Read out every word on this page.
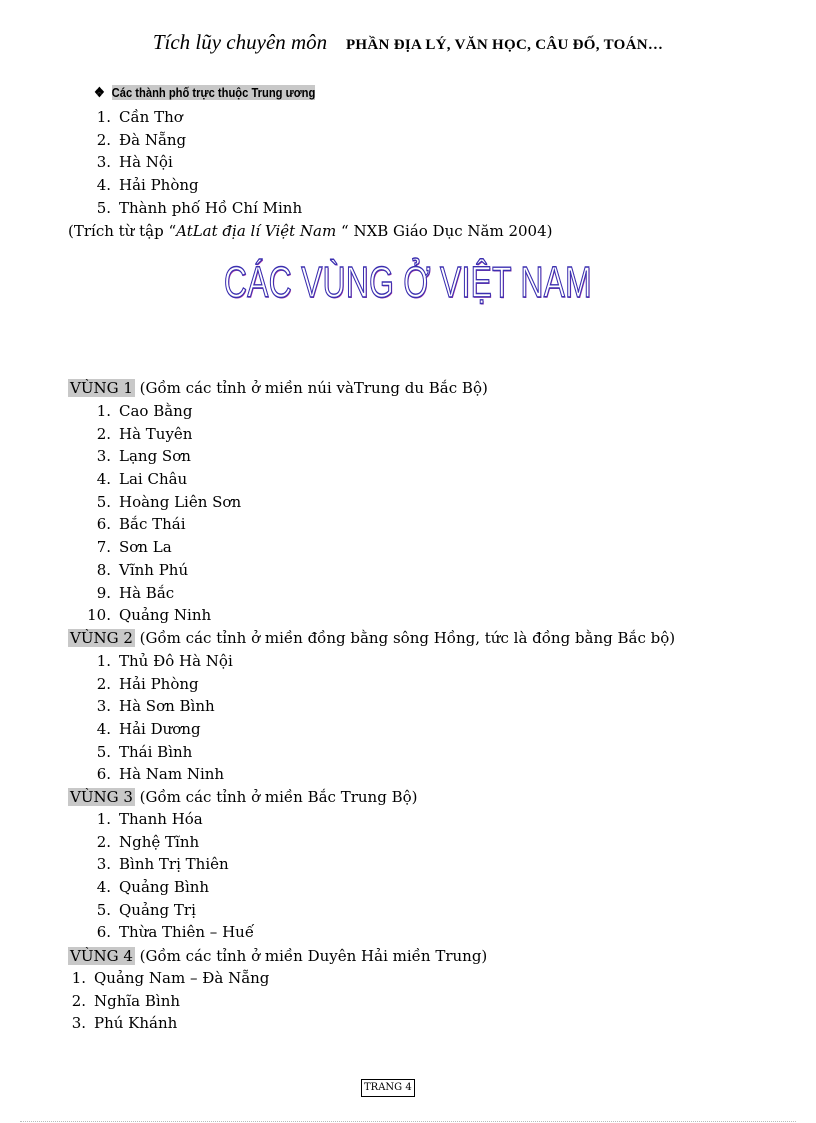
Tích lũy chuyên môn PHẦN ĐỊA LÝ, VĂN HỌC, CÂU ĐỐ, TOÁN…
❖ Các thành phố trực thuộc Trung ương
1. Cần Thơ
2. Đà Nẵng
3. Hà Nội
4. Hải Phòng
5. Thành phố Hồ Chí Minh
(Trích từ tập “AtLat địa lí Việt Nam “ NXB Giáo Dục Năm 2004)
CÁC VÙNG Ở VIỆT NAM
VÙNG 1 (Gồm các tỉnh ở miền núi vàTrung du Bắc Bộ)
1. Cao Bằng
2. Hà Tuyên
3. Lạng Sơn
4. Lai Châu
5. Hoàng Liên Sơn
6. Bắc Thái
7. Sơn La
8. Vĩnh Phú
9. Hà Bắc
10. Quảng Ninh
VÙNG 2 (Gồm các tỉnh ở miền đồng bằng sông Hồng, tức là đồng bằng Bắc bộ)
1. Thủ Đô Hà Nội
2. Hải Phòng
3. Hà Sơn Bình
4. Hải Dương
5. Thái Bình
6. Hà Nam Ninh
VÙNG 3 (Gồm các tỉnh ở miền Bắc Trung Bộ)
1. Thanh Hóa
2. Nghệ Tĩnh
3. Bình Trị Thiên
4. Quảng Bình
5. Quảng Trị
6. Thừa Thiên – Huế
VÙNG 4 (Gồm các tỉnh ở miền Duyên Hải miền Trung)
1. Quảng Nam – Đà Nẵng
2. Nghĩa Bình
3. Phú Khánh
TRANG 4
